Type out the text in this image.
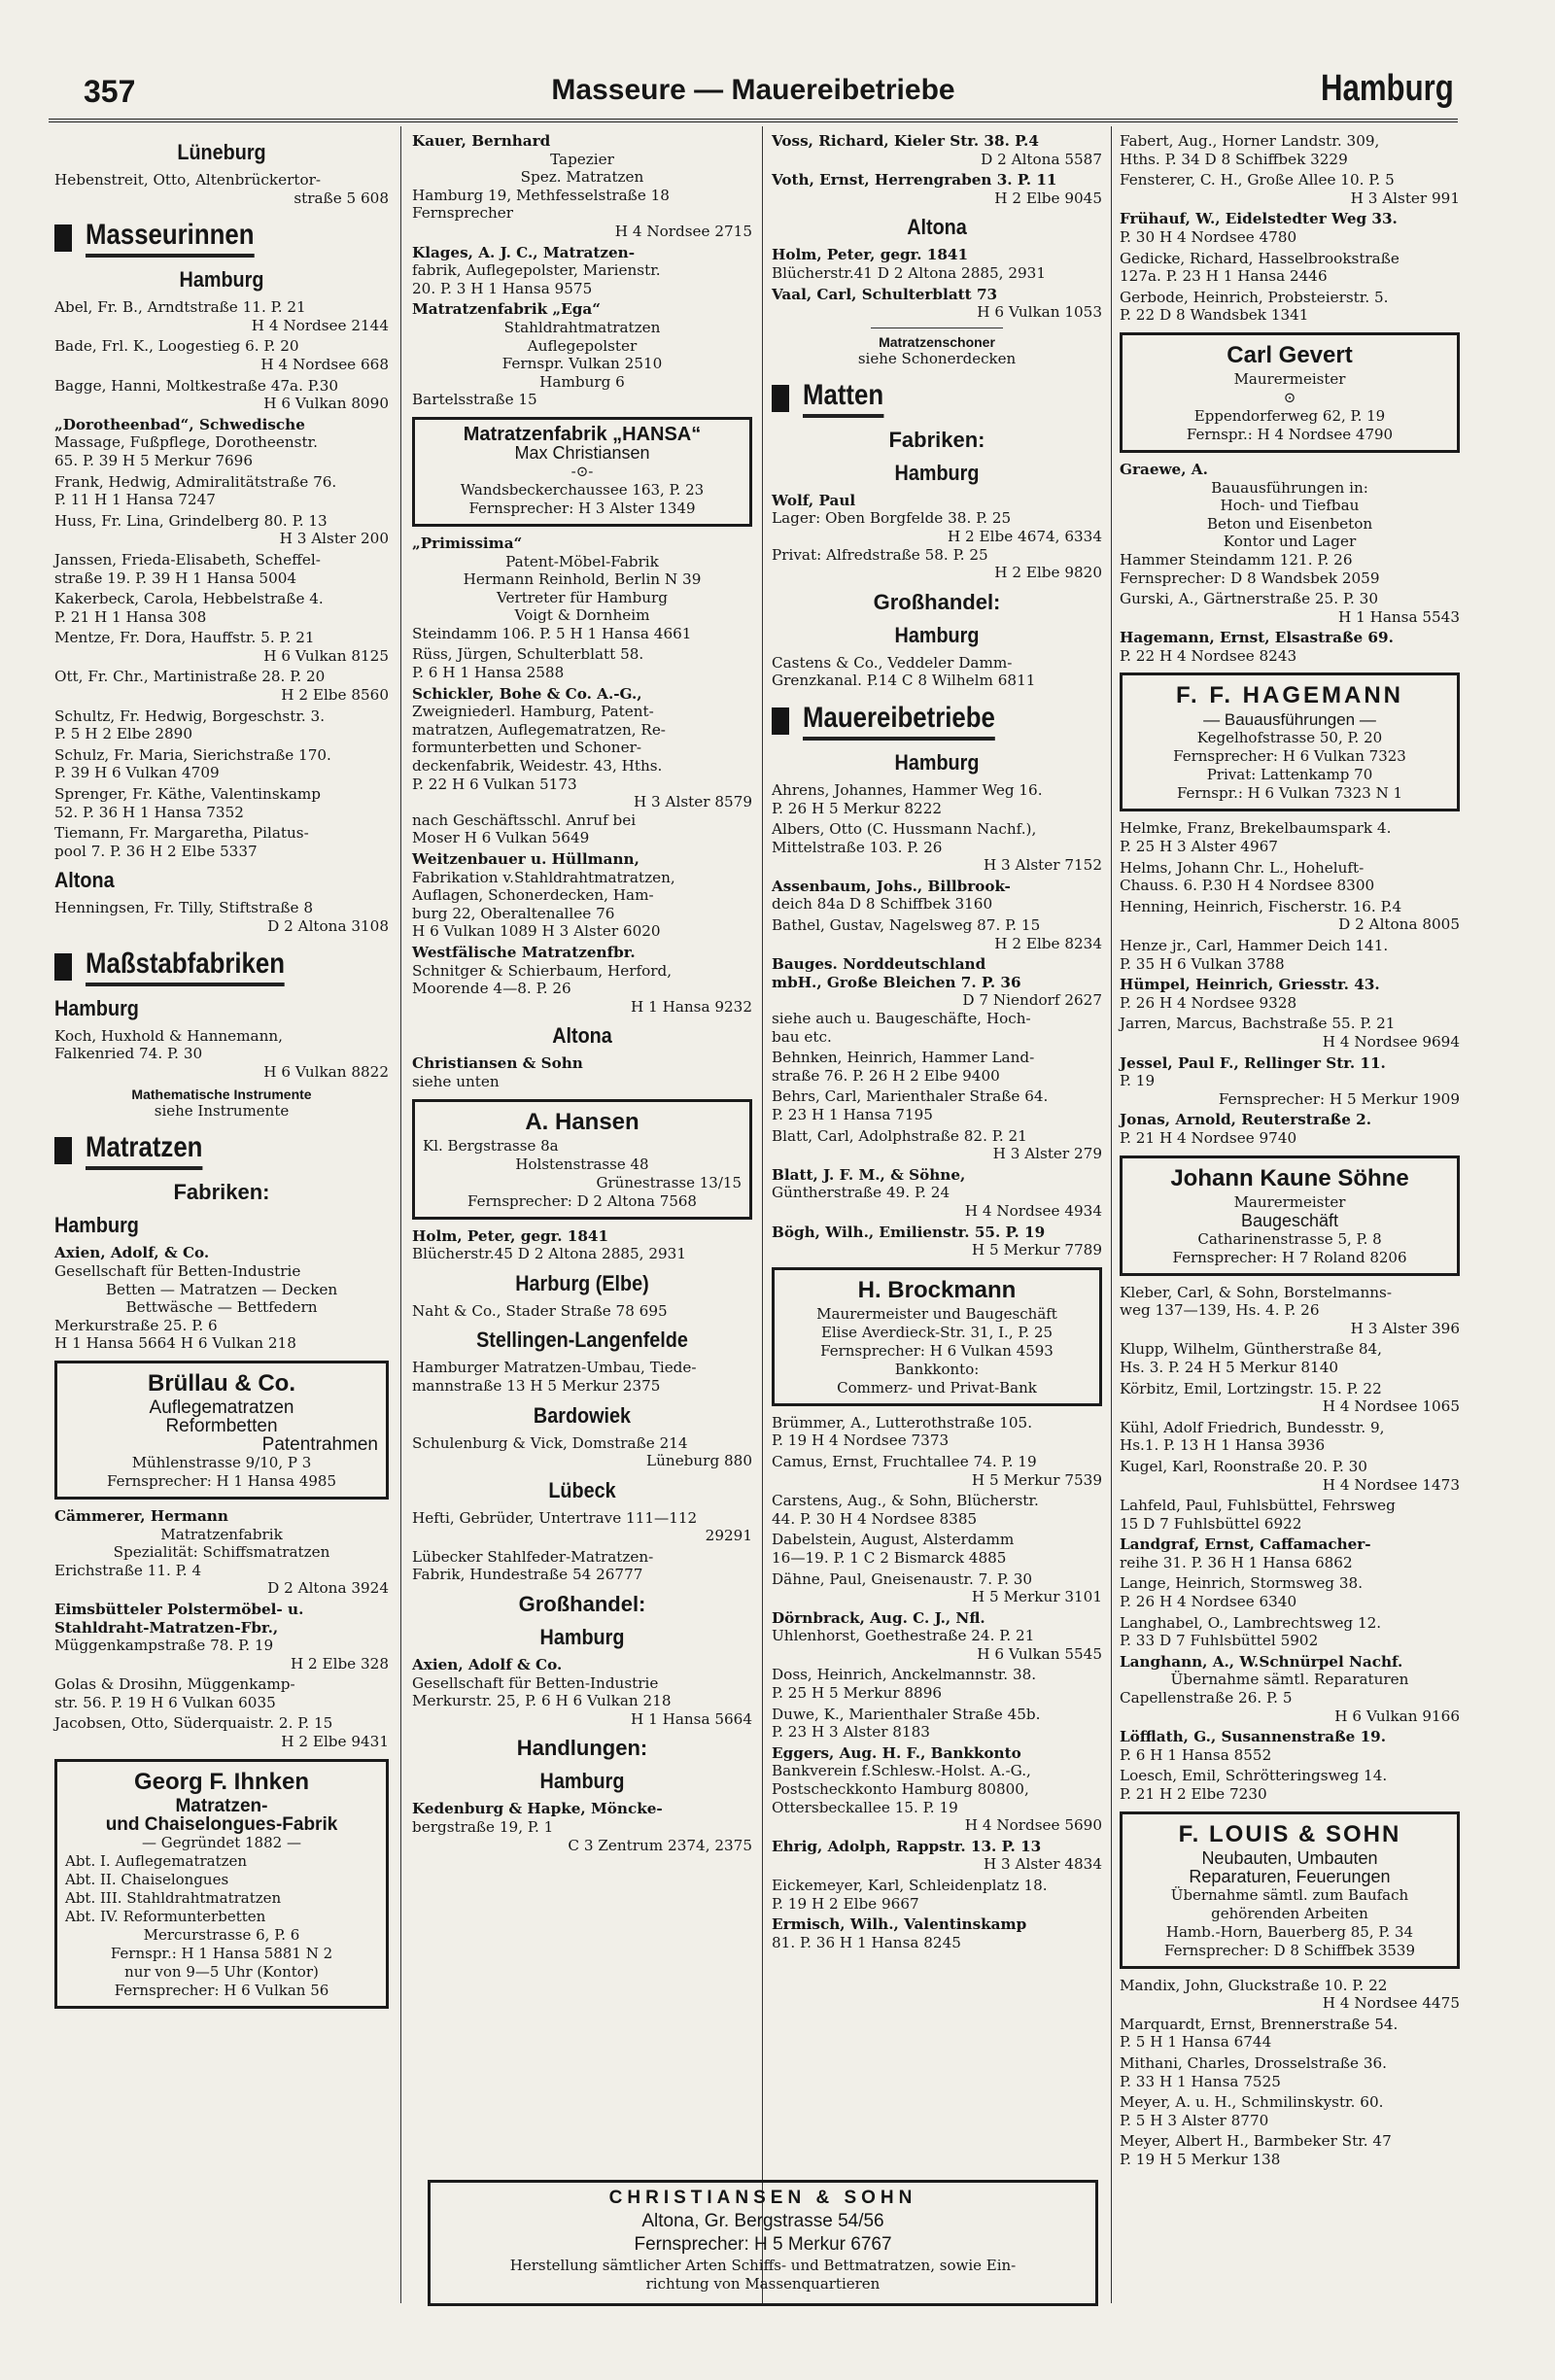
357	Masseure — Mauereibetriebe	Hamburg
Lüneburg

Hebenstreit, Otto, Altenbrückertor-

straße 5 608

Masseurinnen
Hamburg

Abel, Fr. B., Arndtstraße 11. P. 21

H 4 Nordsee 2144

Bade, Frl. K., Loogestieg 6. P. 20

H 4 Nordsee 668

Bagge, Hanni, Moltkestraße 47a. P.30

H 6 Vulkan 8090

„Dorotheenbad“, Schwedische

Massage, Fußpflege, Dorotheenstr.

65. P. 39 H 5 Merkur 7696

Frank, Hedwig, Admiralitätstraße 76.

P. 11 H 1 Hansa 7247

Huss, Fr. Lina, Grindelberg 80. P. 13

H 3 Alster 200

Janssen, Frieda-Elisabeth, Scheffel-

straße 19. P. 39 H 1 Hansa 5004

Kakerbeck, Carola, Hebbelstraße 4.

P. 21 H 1 Hansa 308

Mentze, Fr. Dora, Hauffstr. 5. P. 21

H 6 Vulkan 8125

Ott, Fr. Chr., Martinistraße 28. P. 20

H 2 Elbe 8560

Schultz, Fr. Hedwig, Borgeschstr. 3.

P. 5 H 2 Elbe 2890

Schulz, Fr. Maria, Sierichstraße 170.

P. 39 H 6 Vulkan 4709

Sprenger, Fr. Käthe, Valentinskamp

52. P. 36 H 1 Hansa 7352

Tiemann, Fr. Margaretha, Pilatus-

pool 7. P. 36 H 2 Elbe 5337

Altona

Henningsen, Fr. Tilly, Stiftstraße 8

D 2 Altona 3108

Maßstabfabriken
Hamburg

Koch, Huxhold & Hannemann,

Falkenried 74. P. 30

H 6 Vulkan 8822

Mathematische Instrumente
siehe Instrumente
Matratzen
Fabriken:
Hamburg

Axien, Adolf, & Co.

Gesellschaft für Betten-Industrie

Betten — Matratzen — Decken

Bettwäsche — Bettfedern

Merkurstraße 25. P. 6

H 1 Hansa 5664 H 6 Vulkan 218

Brüllau & Co.
Auflegematratzen
Reformbetten
Patentrahmen
Mühlenstrasse 9/10, P 3
Fernsprecher: H 1 Hansa 4985

Cämmerer, Hermann

Matratzenfabrik

Spezialität: Schiffsmatratzen

Erichstraße 11. P. 4

D 2 Altona 3924

Eimsbütteler Polstermöbel- u.

Stahldraht-Matratzen-Fbr.,

Müggenkampstraße 78. P. 19

H 2 Elbe 328

Golas & Drosihn, Müggenkamp-

str. 56. P. 19 H 6 Vulkan 6035

Jacobsen, Otto, Süderquaistr. 2. P. 15

H 2 Elbe 9431

Georg F. Ihnken
Matratzen-
und Chaiselongues-Fabrik
— Gegründet 1882 —
Abt. I. Auflegematratzen
Abt. II. Chaiselongues
Abt. III. Stahldrahtmatratzen
Abt. IV. Reformunterbetten
Mercurstrasse 6, P. 6
Fernspr.: H 1 Hansa 5881 N 2
nur von 9—5 Uhr (Kontor)
Fernsprecher: H 6 Vulkan 56

Kauer, Bernhard

Tapezier

Spez. Matratzen

Hamburg 19, Methfesselstraße 18

Fernsprecher

H 4 Nordsee 2715

Klages, A. J. C., Matratzen-

fabrik, Auflegepolster, Marienstr.

20. P. 3 H 1 Hansa 9575

Matratzenfabrik „Ega“

Stahldrahtmatratzen

Auflegepolster

Fernspr. Vulkan 2510

Hamburg 6

Bartelsstraße 15

Matratzenfabrik „HANSA“
Max Christiansen
-⊙-
Wandsbeckerchaussee 163, P. 23
Fernsprecher: H 3 Alster 1349

„Primissima“

Patent-Möbel-Fabrik

Hermann Reinhold, Berlin N 39

Vertreter für Hamburg

Voigt & Dornheim

Steindamm 106. P. 5 H 1 Hansa 4661

Rüss, Jürgen, Schulterblatt 58.

P. 6 H 1 Hansa 2588

Schickler, Bohe & Co. A.-G.,

Zweigniederl. Hamburg, Patent-

matratzen, Auflegematratzen, Re-

formunterbetten und Schoner-

deckenfabrik, Weidestr. 43, Hths.

P. 22 H 6 Vulkan 5173

H 3 Alster 8579

nach Geschäftsschl. Anruf bei

Moser H 6 Vulkan 5649

Weitzenbauer u. Hüllmann,

Fabrikation v.Stahldrahtmatratzen,

Auflagen, Schonerdecken, Ham-

burg 22, Oberaltenallee 76

H 6 Vulkan 1089 H 3 Alster 6020

Westfälische Matratzenfbr.

Schnitger & Schierbaum, Herford,

Moorende 4—8. P. 26

H 1 Hansa 9232

Altona

Christiansen & Sohn

siehe unten

A. Hansen
Kl. Bergstrasse 8a
Holstenstrasse 48
Grünestrasse 13/15
Fernsprecher: D 2 Altona 7568

Holm, Peter, gegr. 1841

Blücherstr.45 D 2 Altona 2885, 2931

Harburg (Elbe)

Naht & Co., Stader Straße 78 695

Stellingen-Langenfelde

Hamburger Matratzen-Umbau, Tiede-

mannstraße 13 H 5 Merkur 2375

Bardowiek

Schulenburg & Vick, Domstraße 214

Lüneburg 880

Lübeck

Hefti, Gebrüder, Untertrave 111—112

29291

Lübecker Stahlfeder-Matratzen-

Fabrik, Hundestraße 54 26777

Großhandel:
Hamburg

Axien, Adolf & Co.

Gesellschaft für Betten-Industrie

Merkurstr. 25, P. 6 H 6 Vulkan 218

H 1 Hansa 5664

Handlungen:
Hamburg

Kedenburg & Hapke, Möncke-

bergstraße 19, P. 1

C 3 Zentrum 2374, 2375

Voss, Richard, Kieler Str. 38. P.4

D 2 Altona 5587

Voth, Ernst, Herrengraben 3. P. 11

H 2 Elbe 9045

Altona

Holm, Peter, gegr. 1841

Blücherstr.41 D 2 Altona 2885, 2931

Vaal, Carl, Schulterblatt 73

H 6 Vulkan 1053

Matratzenschoner
siehe Schonerdecken
Matten
Fabriken:
Hamburg

Wolf, Paul

Lager: Oben Borgfelde 38. P. 25

H 2 Elbe 4674, 6334

Privat: Alfredstraße 58. P. 25

H 2 Elbe 9820

Großhandel:
Hamburg

Castens & Co., Veddeler Damm-

Grenzkanal. P.14 C 8 Wilhelm 6811

Mauereibetriebe
Hamburg

Ahrens, Johannes, Hammer Weg 16.

P. 26 H 5 Merkur 8222

Albers, Otto (C. Hussmann Nachf.),

Mittelstraße 103. P. 26

H 3 Alster 7152

Assenbaum, Johs., Billbrook-

deich 84a D 8 Schiffbek 3160

Bathel, Gustav, Nagelsweg 87. P. 15

H 2 Elbe 8234

Bauges. Norddeutschland

mbH., Große Bleichen 7. P. 36

D 7 Niendorf 2627

siehe auch u. Baugeschäfte, Hoch-

bau etc.

Behnken, Heinrich, Hammer Land-

straße 76. P. 26 H 2 Elbe 9400

Behrs, Carl, Marienthaler Straße 64.

P. 23 H 1 Hansa 7195

Blatt, Carl, Adolphstraße 82. P. 21

H 3 Alster 279

Blatt, J. F. M., & Söhne,

Güntherstraße 49. P. 24

H 4 Nordsee 4934

Bögh, Wilh., Emilienstr. 55. P. 19

H 5 Merkur 7789

H. Brockmann
Maurermeister und Baugeschäft
Elise Averdieck-Str. 31, I., P. 25
Fernsprecher: H 6 Vulkan 4593
Bankkonto:
Commerz- und Privat-Bank

Brümmer, A., Lutterothstraße 105.

P. 19 H 4 Nordsee 7373

Camus, Ernst, Fruchtallee 74. P. 19

H 5 Merkur 7539

Carstens, Aug., & Sohn, Blücherstr.

44. P. 30 H 4 Nordsee 8385

Dabelstein, August, Alsterdamm

16—19. P. 1 C 2 Bismarck 4885

Dähne, Paul, Gneisenaustr. 7. P. 30

H 5 Merkur 3101

Dörnbrack, Aug. C. J., Nfl.

Uhlenhorst, Goethestraße 24. P. 21

H 6 Vulkan 5545

Doss, Heinrich, Anckelmannstr. 38.

P. 25 H 5 Merkur 8896

Duwe, K., Marienthaler Straße 45b.

P. 23 H 3 Alster 8183

Eggers, Aug. H. F., Bankkonto

Bankverein f.Schlesw.-Holst. A.-G.,

Postscheckkonto Hamburg 80800,

Ottersbeckallee 15. P. 19

H 4 Nordsee 5690

Ehrig, Adolph, Rappstr. 13. P. 13

H 3 Alster 4834

Eickemeyer, Karl, Schleidenplatz 18.

P. 19 H 2 Elbe 9667

Ermisch, Wilh., Valentinskamp

81. P. 36 H 1 Hansa 8245

Fabert, Aug., Horner Landstr. 309,

Hths. P. 34 D 8 Schiffbek 3229

Fensterer, C. H., Große Allee 10. P. 5

H 3 Alster 991

Frühauf, W., Eidelstedter Weg 33.

P. 30 H 4 Nordsee 4780

Gedicke, Richard, Hasselbrookstraße

127a. P. 23 H 1 Hansa 2446

Gerbode, Heinrich, Probsteierstr. 5.

P. 22 D 8 Wandsbek 1341

Carl Gevert
Maurermeister
⊙
Eppendorferweg 62, P. 19
Fernspr.: H 4 Nordsee 4790

Graewe, A.

Bauausführungen in:

Hoch- und Tiefbau

Beton und Eisenbeton

Kontor und Lager

Hammer Steindamm 121. P. 26

Fernsprecher: D 8 Wandsbek 2059

Gurski, A., Gärtnerstraße 25. P. 30

H 1 Hansa 5543

Hagemann, Ernst, Elsastraße 69.

P. 22 H 4 Nordsee 8243

F. F. HAGEMANN
— Bauausführungen —
Kegelhofstrasse 50, P. 20
Fernsprecher: H 6 Vulkan 7323
Privat: Lattenkamp 70
Fernspr.: H 6 Vulkan 7323 N 1

Helmke, Franz, Brekelbaumspark 4.

P. 25 H 3 Alster 4967

Helms, Johann Chr. L., Hoheluft-

Chauss. 6. P.30 H 4 Nordsee 8300

Henning, Heinrich, Fischerstr. 16. P.4

D 2 Altona 8005

Henze jr., Carl, Hammer Deich 141.

P. 35 H 6 Vulkan 3788

Hümpel, Heinrich, Griesstr. 43.

P. 26 H 4 Nordsee 9328

Jarren, Marcus, Bachstraße 55. P. 21

H 4 Nordsee 9694

Jessel, Paul F., Rellinger Str. 11.

P. 19

Fernsprecher: H 5 Merkur 1909

Jonas, Arnold, Reuterstraße 2.

P. 21 H 4 Nordsee 9740

Johann Kaune Söhne
Maurermeister
Baugeschäft
Catharinenstrasse 5, P. 8
Fernsprecher: H 7 Roland 8206

Kleber, Carl, & Sohn, Borstelmanns-

weg 137—139, Hs. 4. P. 26

H 3 Alster 396

Klupp, Wilhelm, Güntherstraße 84,

Hs. 3. P. 24 H 5 Merkur 8140

Körbitz, Emil, Lortzingstr. 15. P. 22

H 4 Nordsee 1065

Kühl, Adolf Friedrich, Bundesstr. 9,

Hs.1. P. 13 H 1 Hansa 3936

Kugel, Karl, Roonstraße 20. P. 30

H 4 Nordsee 1473

Lahfeld, Paul, Fuhlsbüttel, Fehrsweg

15 D 7 Fuhlsbüttel 6922

Landgraf, Ernst, Caffamacher-

reihe 31. P. 36 H 1 Hansa 6862

Lange, Heinrich, Stormsweg 38.

P. 26 H 4 Nordsee 6340

Langhabel, O., Lambrechtsweg 12.

P. 33 D 7 Fuhlsbüttel 5902

Langhann, A., W.Schnürpel Nachf.

Übernahme sämtl. Reparaturen

Capellenstraße 26. P. 5

H 6 Vulkan 9166

Löfflath, G., Susannenstraße 19.

P. 6 H 1 Hansa 8552

Loesch, Emil, Schrötteringsweg 14.

P. 21 H 2 Elbe 7230

F. LOUIS & SOHN
Neubauten, Umbauten
Reparaturen, Feuerungen
Übernahme sämtl. zum Baufach
gehörenden Arbeiten
Hamb.-Horn, Bauerberg 85, P. 34
Fernsprecher: D 8 Schiffbek 3539

Mandix, John, Gluckstraße 10. P. 22

H 4 Nordsee 4475

Marquardt, Ernst, Brennerstraße 54.

P. 5 H 1 Hansa 6744

Mithani, Charles, Drosselstraße 36.

P. 33 H 1 Hansa 7525

Meyer, A. u. H., Schmilinskystr. 60.

P. 5 H 3 Alster 8770

Meyer, Albert H., Barmbeker Str. 47

P. 19 H 5 Merkur 138

CHRISTIANSEN & SOHN
Altona, Gr. Bergstrasse 54/56
Fernsprecher: H 5 Merkur 6767
Herstellung sämtlicher Arten Schiffs- und Bettmatratzen, sowie Ein-
richtung von Massenquartieren
